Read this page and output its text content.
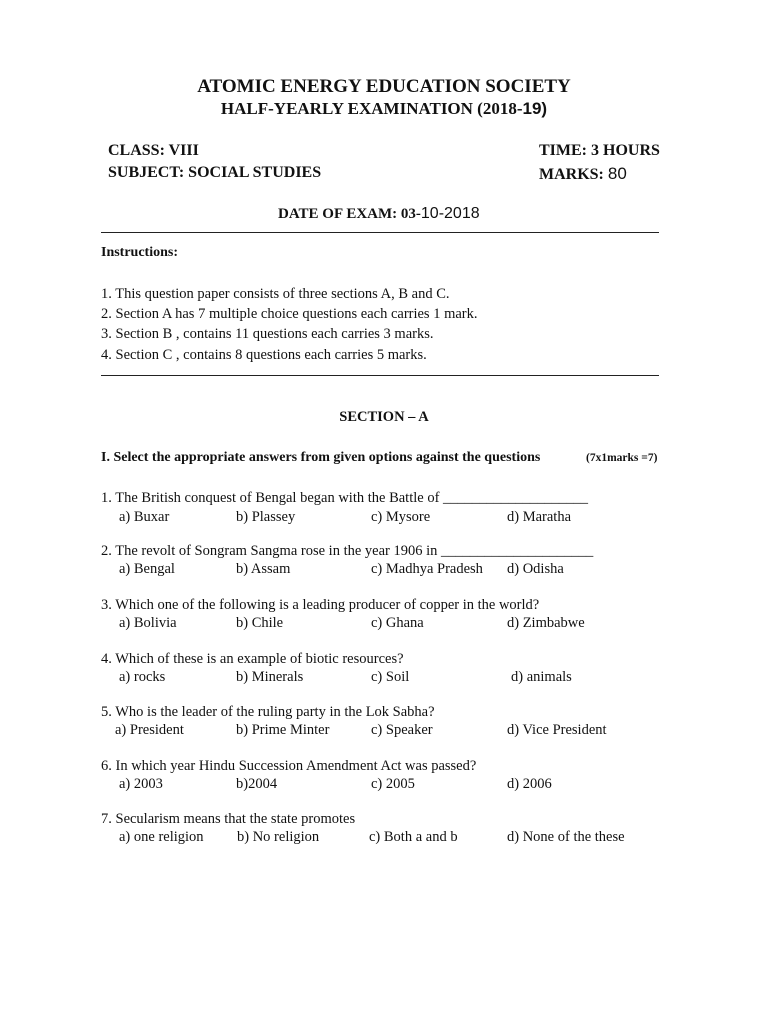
ATOMIC ENERGY EDUCATION SOCIETY
HALF-YEARLY EXAMINATION (2018-19)
CLASS: VIII
SUBJECT: SOCIAL STUDIES
TIME: 3 HOURS
MARKS: 80
DATE OF EXAM: 03-10-2018
Instructions:
1. This question paper consists of three sections A, B and C.
2. Section A has 7 multiple choice questions each carries 1 mark.
3. Section B , contains 11 questions each carries 3 marks.
4. Section C , contains 8 questions each carries 5 marks.
SECTION – A
I. Select the appropriate answers from given options against the questions	(7x1marks =7)
1. The British conquest of Bengal began with the Battle of ____________________
a) Buxar	b) Plassey	c) Mysore	d) Maratha
2. The revolt of Songram Sangma rose in the year 1906 in _____________________
a) Bengal	b) Assam	c) Madhya Pradesh d) Odisha
3. Which one of the following is a leading producer of copper in the world?
a) Bolivia	b) Chile	c) Ghana	d) Zimbabwe
4. Which of these is an example of biotic resources?
a) rocks	b) Minerals	c) Soil	d) animals
5. Who is the leader of the ruling party in the Lok Sabha?
a) President	b) Prime Minter	c) Speaker	d) Vice President
6. In which year Hindu Succession Amendment Act was passed?
a) 2003	b)2004	c) 2005	d) 2006
7. Secularism means that the state promotes
a) one religion b) No religion	c) Both a and b	d) None of the these
